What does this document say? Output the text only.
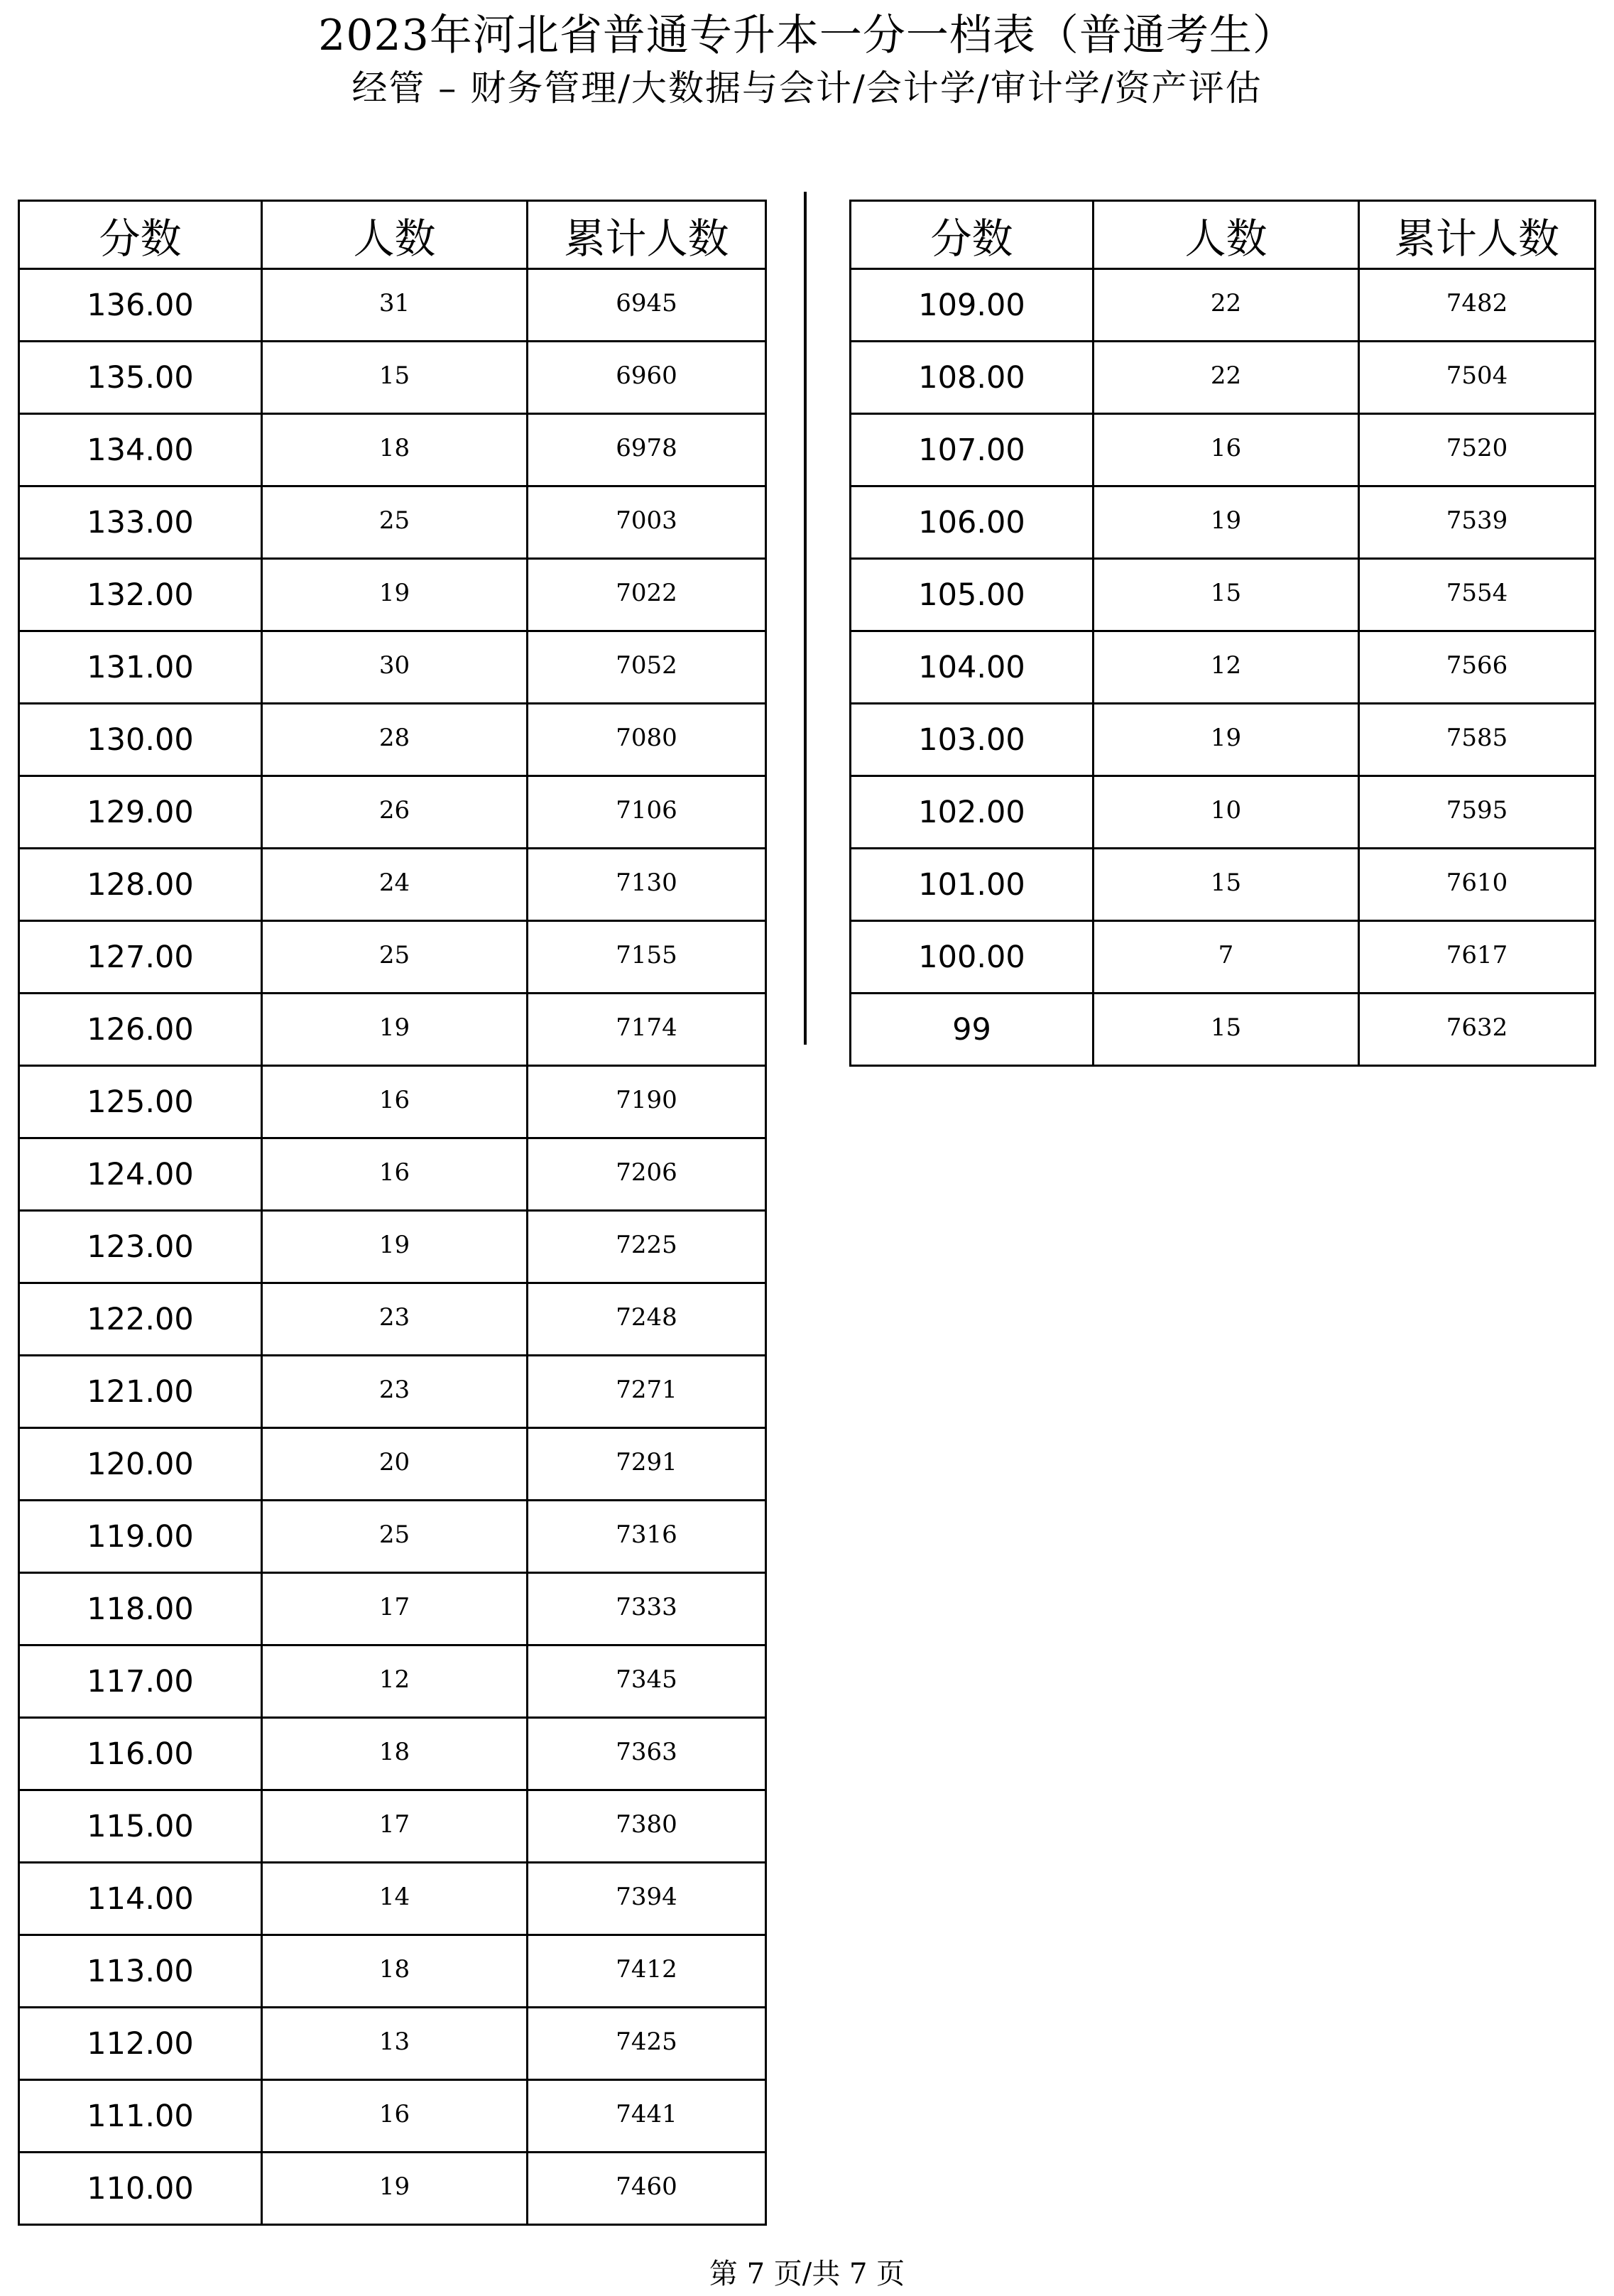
2023年河北省普通专升本一分一档表（普通考生）
经管 – 财务管理/大数据与会计/会计学/审计学/资产评估
分数	人数	累计人数
136.00	31	6945
135.00	15	6960
134.00	18	6978
133.00	25	7003
132.00	19	7022
131.00	30	7052
130.00	28	7080
129.00	26	7106
128.00	24	7130
127.00	25	7155
126.00	19	7174
125.00	16	7190
124.00	16	7206
123.00	19	7225
122.00	23	7248
121.00	23	7271
120.00	20	7291
119.00	25	7316
118.00	17	7333
117.00	12	7345
116.00	18	7363
115.00	17	7380
114.00	14	7394
113.00	18	7412
112.00	13	7425
111.00	16	7441
110.00	19	7460
分数	人数	累计人数
109.00	22	7482
108.00	22	7504
107.00	16	7520
106.00	19	7539
105.00	15	7554
104.00	12	7566
103.00	19	7585
102.00	10	7595
101.00	15	7610
100.00	7	7617
99	15	7632
第 7 页/共 7 页
